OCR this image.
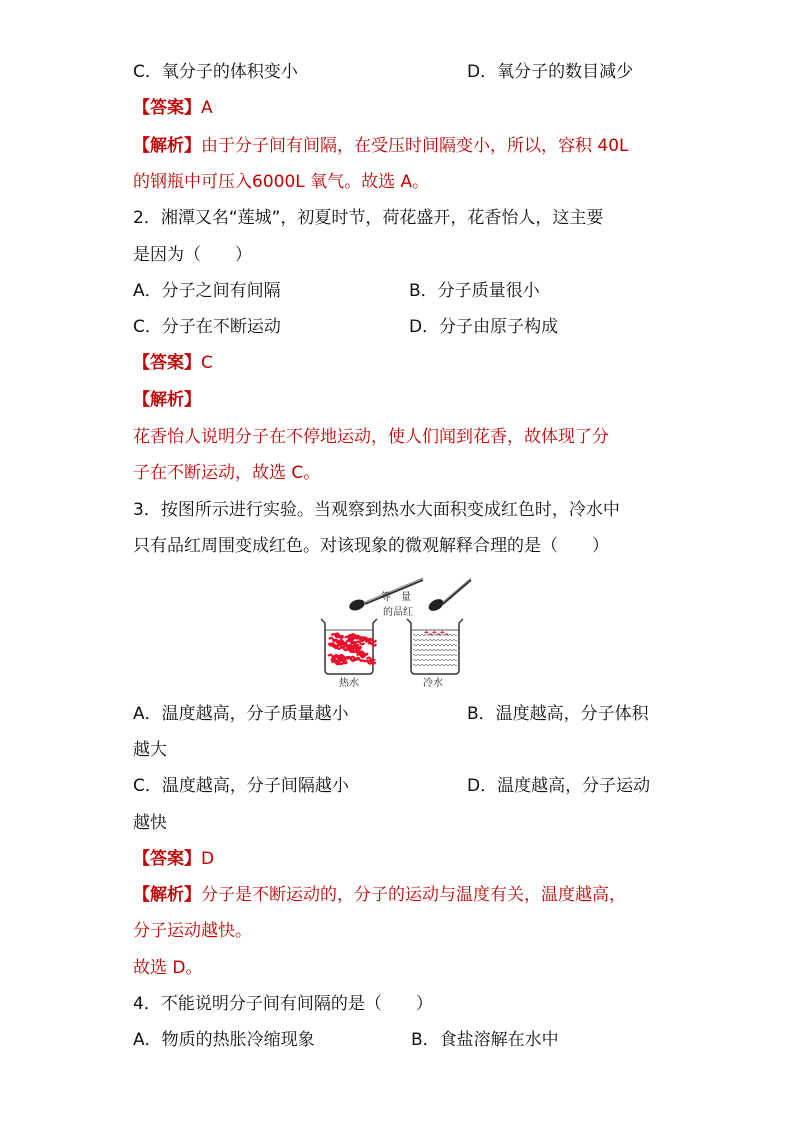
C．氧分子的体积变小	D．氧分子的数目减少
【答案】A
【解析】由于分子间有间隔，在受压时间隔变小，所以，容积 40L
的钢瓶中可压入6000L 氧气。故选 A。
2．湘潭又名“莲城”，初夏时节，荷花盛开，花香怡人，这主要
是因为（　　）
A．分子之间有间隔	B．分子质量很小
C．分子在不断运动	D．分子由原子构成
【答案】C
【解析】
花香怡人说明分子在不停地运动，使人们闻到花香，故体现了分
子在不断运动，故选 C。
3．按图所示进行实验。当观察到热水大面积变成红色时，冷水中
只有品红周围变成红色。对该现象的微观解释合理的是（　　）
等　量
的品红
热水	冷水
A．温度越高，分子质量越小	B．温度越高，分子体积
越大
C．温度越高，分子间隔越小	D．温度越高，分子运动
越快
【答案】D
【解析】分子是不断运动的，分子的运动与温度有关，温度越高，
分子运动越快。
故选 D。
4．不能说明分子间有间隔的是（　　）
A．物质的热胀冷缩现象	B．食盐溶解在水中
